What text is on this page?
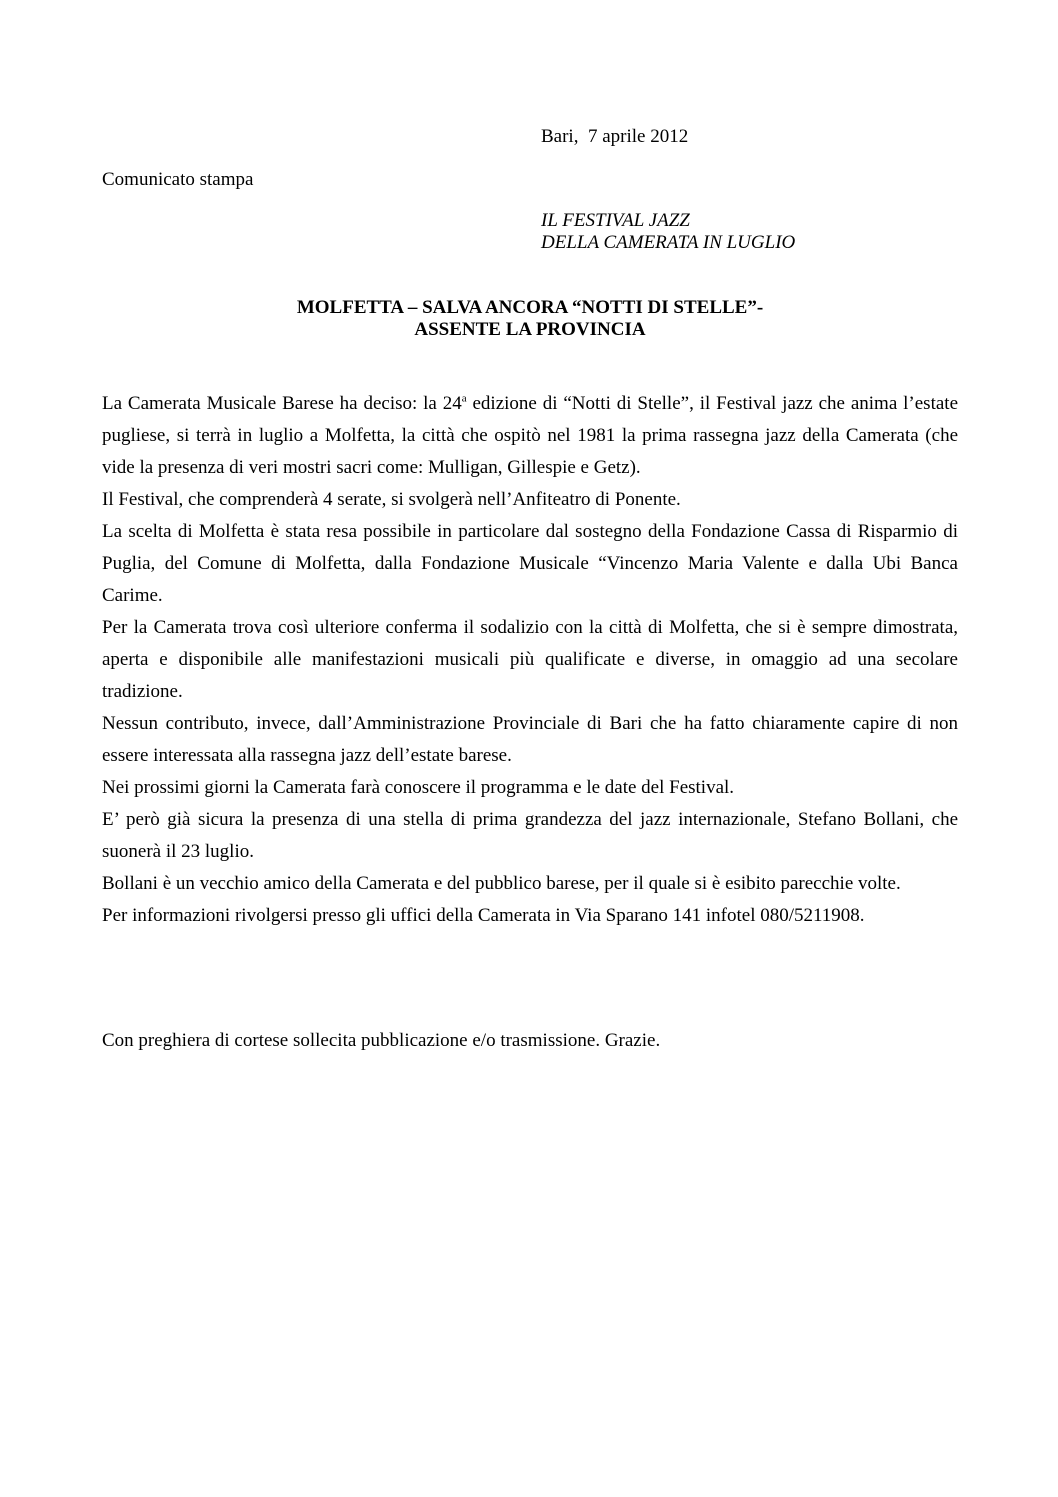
Bari,  7 aprile 2012
Comunicato stampa
IL FESTIVAL JAZZ
DELLA CAMERATA IN LUGLIO
MOLFETTA – SALVA ANCORA “NOTTI DI STELLE”-
ASSENTE LA PROVINCIA

La Camerata Musicale Barese ha deciso: la 24$^a$ edizione di “Notti di Stelle”, il Festival jazz che anima l’estate pugliese, si terrà in luglio a Molfetta, la città che ospitò nel 1981 la prima rassegna jazz della Camerata (che vide la presenza di veri mostri sacri come: Mulligan, Gillespie e Getz).

Il Festival, che comprenderà 4 serate, si svolgerà nell’Anfiteatro di Ponente.

La scelta di Molfetta è stata resa possibile in particolare dal sostegno della Fondazione Cassa di Risparmio di Puglia, del Comune di Molfetta, dalla Fondazione Musicale “Vincenzo Maria Valente e dalla Ubi Banca Carime.

Per la Camerata trova così ulteriore conferma il sodalizio con la città di Molfetta, che si è sempre dimostrata, aperta e disponibile alle manifestazioni musicali più qualificate e diverse, in omaggio ad una secolare tradizione.

Nessun contributo, invece, dall’Amministrazione Provinciale di Bari che ha fatto chiaramente capire di non essere interessata alla rassegna jazz dell’estate barese.

Nei prossimi giorni la Camerata farà conoscere il programma e le date del Festival.

E’ però già sicura la presenza di una stella di prima grandezza del jazz internazionale, Stefano Bollani, che suonerà il 23 luglio.

Bollani è un vecchio amico della Camerata e del pubblico barese, per il quale si è esibito parecchie volte.

Per informazioni rivolgersi presso gli uffici della Camerata in Via Sparano 141 infotel 080/5211908.

Con preghiera di cortese sollecita pubblicazione e/o trasmissione. Grazie.
